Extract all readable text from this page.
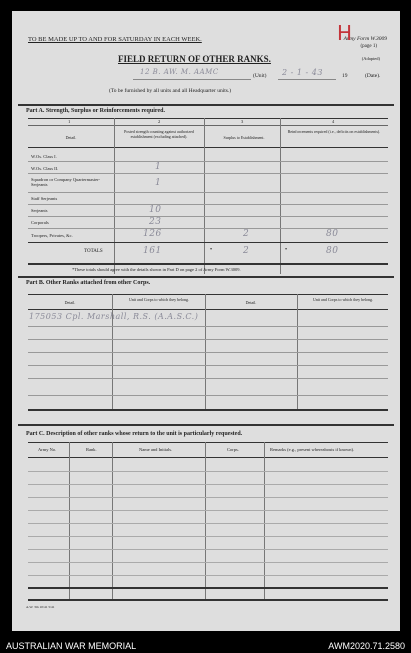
TO BE MADE UP TO AND FOR SATURDAY IN EACH WEEK.	Army Form W.3009
(page 1)
H
(Adapted)
FIELD RETURN OF OTHER RANKS.
12 B. AW. M. AAMC	(Unit) 2 - 1 - 43	19	(Date).
(To be furnished by all units and all Headquarter units.)
Part A. Strength, Surplus or Reinforcements required.
1	2	3	4
Detail.
Posted strength counting against authorized establishment (excluding attached).	Surplus to Establishment.
Reinforcements required (i.e., deficits on establishments).
W.Os. Class I.
W.Os. Class II.	1
Squadron or Company Quartermaster-Serjeants	1
Staff Serjeants
Serjeants	10
Corporals	23
Troopers, Privates, &c.	126	2	80
TOTALS	161	•	2	•	80
*These totals should agree with the details shown in Part D on page 2 of Army Form W.3009.
Part B. Other Ranks attached from other Corps.
Detail.
Unit and Corps to which they belong.
Detail.
Unit and Corps to which they belong.
175053 Cpl. Marshall, R.S. (A.A.S.C.)
Part C. Description of other ranks whose return to the unit is particularly requested.
Army No.	Rank.	Name and Initials.	Corps.	Remarks (e.g., present whereabouts if known).
A.W. 3m 10/41 5/41
AUSTRALIAN WAR MEMORIAL	AWM2020.71.2580
